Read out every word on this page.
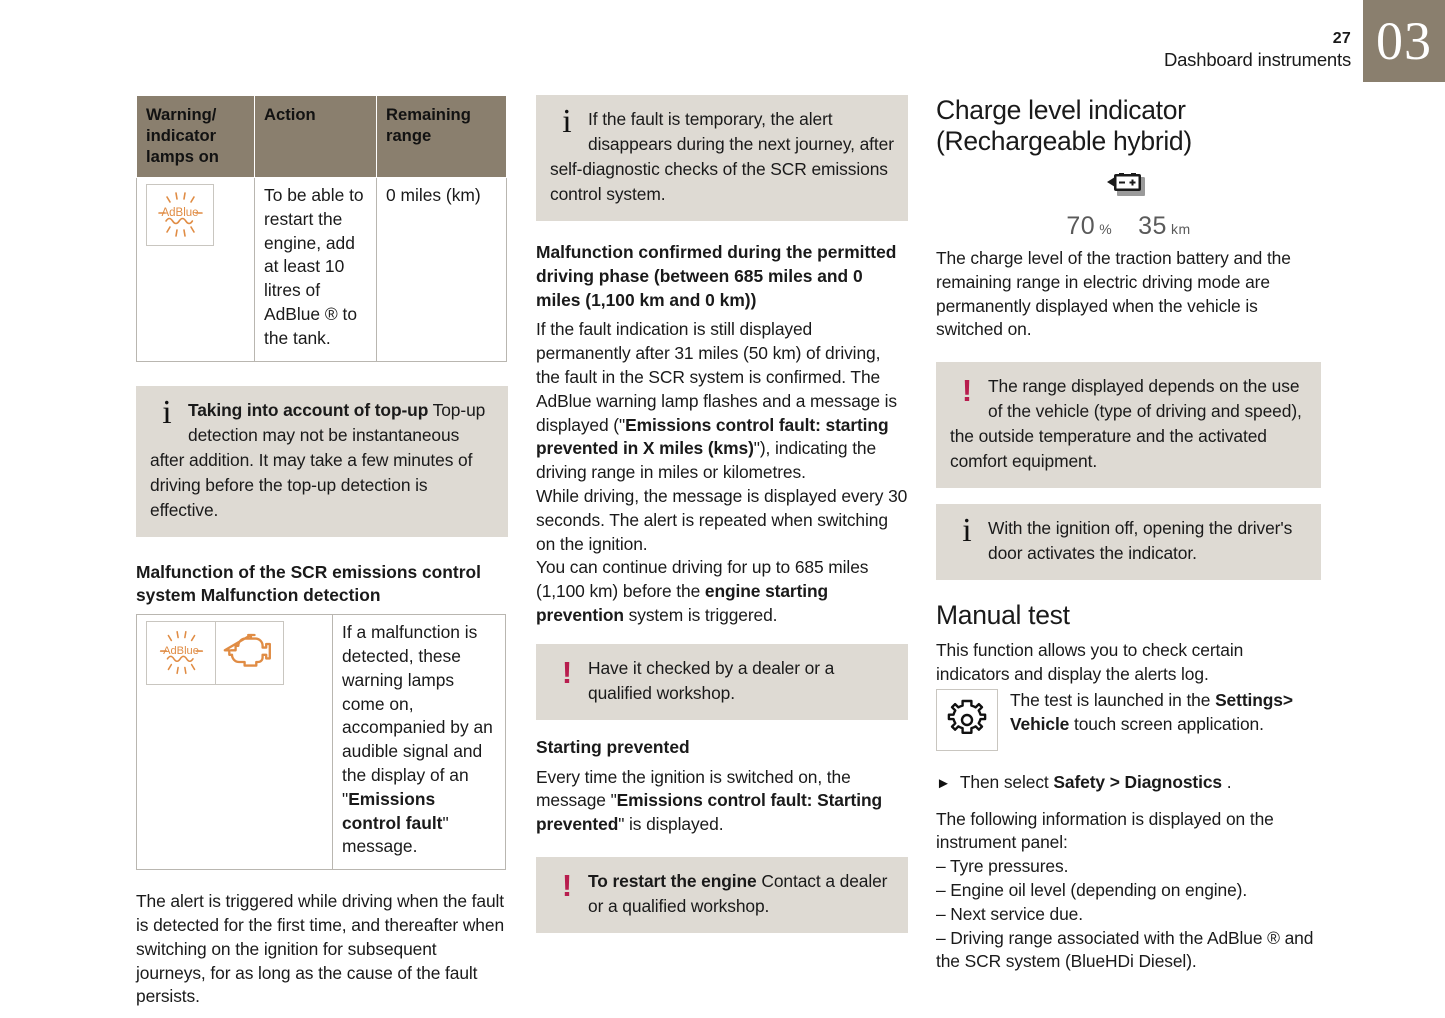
27
Dashboard instruments 03
Warning/ indicator lamps on	Action	Remaining range

AdBlue	To be able to restart the engine, add at least 10 litres of AdBlue ® to the tank.	0 miles (km)
i Taking into account of top-up Top-up detection may not be instantaneous after addition. It may take a few minutes of driving before the top-up detection is effective.
Malfunction of the SCR emissions control system Malfunction detection
AdBlue
	If a malfunction is detected, these warning lamps come on, accompanied by an audible signal and the display of an "Emissions control fault" message.

The alert is triggered while driving when the fault is detected for the first time, and thereafter when switching on the ignition for subsequent journeys, for as long as the cause of the fault persists.

i If the fault is temporary, the alert disappears during the next journey, after self-diagnostic checks of the SCR emissions control system.
Malfunction confirmed during the permitted driving phase (between 685 miles and 0 miles (1,100 km and 0 km))

If the fault indication is still displayed permanently after 31 miles (50 km) of driving, the fault in the SCR system is confirmed. The AdBlue warning lamp flashes and a message is displayed ("Emissions control fault: starting prevented in X miles (kms)"), indicating the driving range in miles or kilometres.

While driving, the message is displayed every 30 seconds. The alert is repeated when switching on the ignition.

You can continue driving for up to 685 miles (1,100 km) before the engine starting prevention system is triggered.

! Have it checked by a dealer or a qualified workshop.
Starting prevented

Every time the ignition is switched on, the message "Emissions control fault: Starting prevented" is displayed.

! To restart the engine Contact a dealer or a qualified workshop.
Charge level indicator
(Rechargeable hybrid)
70 % 35 km

The charge level of the traction battery and the remaining range in electric driving mode are permanently displayed when the vehicle is switched on.

! The range displayed depends on the use of the vehicle (type of driving and speed), the outside temperature and the activated comfort equipment.
i With the ignition off, opening the driver's door activates the indicator.
Manual test

This function allows you to check certain indicators and display the alerts log.

The test is launched in the Settings> Vehicle touch screen application.
► Then select Safety > Diagnostics .

The following information is displayed on the instrument panel:

– Tyre pressures.

– Engine oil level (depending on engine).

– Next service due.

– Driving range associated with the AdBlue ® and the SCR system (BlueHDi Diesel).
